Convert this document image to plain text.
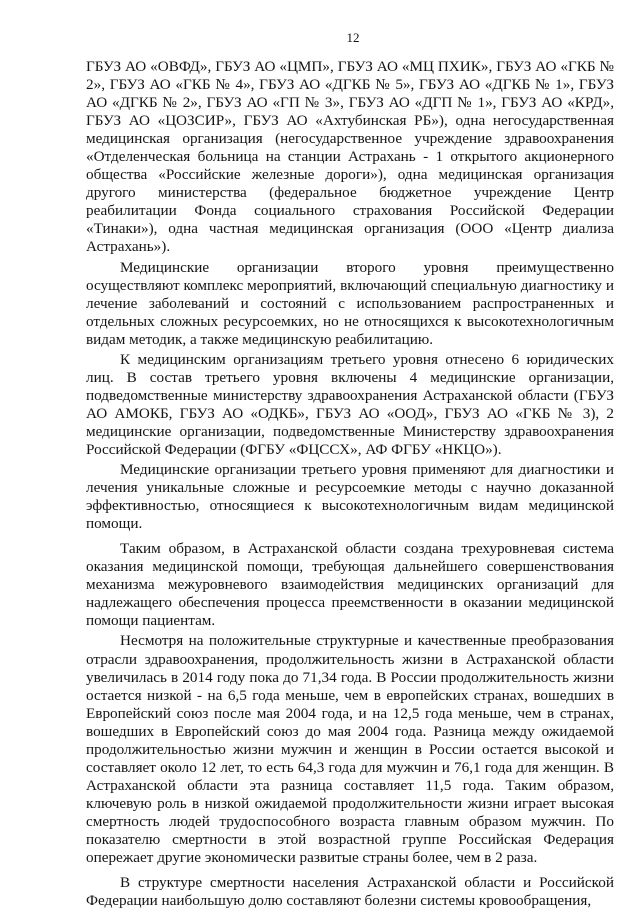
12

ГБУЗ АО «ОВФД», ГБУЗ АО «ЦМП», ГБУЗ АО «МЦ ПХИК», ГБУЗ АО «ГКБ № 2», ГБУЗ АО «ГКБ № 4», ГБУЗ АО «ДГКБ № 5», ГБУЗ АО «ДГКБ № 1», ГБУЗ АО «ДГКБ № 2», ГБУЗ АО «ГП № 3», ГБУЗ АО «ДГП № 1», ГБУЗ АО «КРД», ГБУЗ АО «ЦОЗСИР», ГБУЗ АО «Ахтубинская РБ»), одна негосударственная медицинская организация (негосударственное учреждение здравоохранения «Отделенческая больница на станции Астрахань - 1 открытого акционерного общества «Российские железные дороги»), одна медицинская организация другого министерства (федеральное бюджетное учреждение Центр реабилитации Фонда социального страхования Российской Федерации «Тинаки»), одна частная медицинская организация (ООО «Центр диализа Астрахань»).

Медицинские организации второго уровня преимущественно осуществляют комплекс мероприятий, включающий специальную диагностику и лечение заболеваний и состояний с использованием распространенных и отдельных сложных ресурсоемких, но не относящихся к высокотехнологичным видам методик, а также медицинскую реабилитацию.

К медицинским организациям третьего уровня отнесено 6 юридических лиц. В состав третьего уровня включены 4 медицинские организации, подведомственные министерству здравоохранения Астраханской области (ГБУЗ АО АМОКБ, ГБУЗ АО «ОДКБ», ГБУЗ АО «ООД», ГБУЗ АО «ГКБ № 3), 2 медицинские организации, подведомственные Министерству здравоохранения Российской Федерации (ФГБУ «ФЦССХ», АФ ФГБУ «НКЦО»).

Медицинские организации третьего уровня применяют для диагностики и лечения уникальные сложные и ресурсоемкие методы с научно доказанной эффективностью, относящиеся к высокотехнологичным видам медицинской помощи.

Таким образом, в Астраханской области создана трехуровневая система оказания медицинской помощи, требующая дальнейшего совершенствования механизма межуровневого взаимодействия медицинских организаций для надлежащего обеспечения процесса преемственности в оказании медицинской помощи пациентам.

Несмотря на положительные структурные и качественные преобразования отрасли здравоохранения, продолжительность жизни в Астраханской области увеличилась в 2014 году пока до 71,34 года. В России продолжительность жизни остается низкой - на 6,5 года меньше, чем в европейских странах, вошедших в Европейский союз после мая 2004 года, и на 12,5 года меньше, чем в странах, вошедших в Европейский союз до мая 2004 года. Разница между ожидаемой продолжительностью жизни мужчин и женщин в России остается высокой и составляет около 12 лет, то есть 64,3 года для мужчин и 76,1 года для женщин. В Астраханской области эта разница составляет 11,5 года. Таким образом, ключевую роль в низкой ожидаемой продолжительности жизни играет высокая смертность людей трудоспособного возраста главным образом мужчин. По показателю смертности в этой возрастной группе Российская Федерация опережает другие экономически развитые страны более, чем в 2 раза.

В структуре смертности населения Астраханской области и Российской Федерации наибольшую долю составляют болезни системы кровообращения,
